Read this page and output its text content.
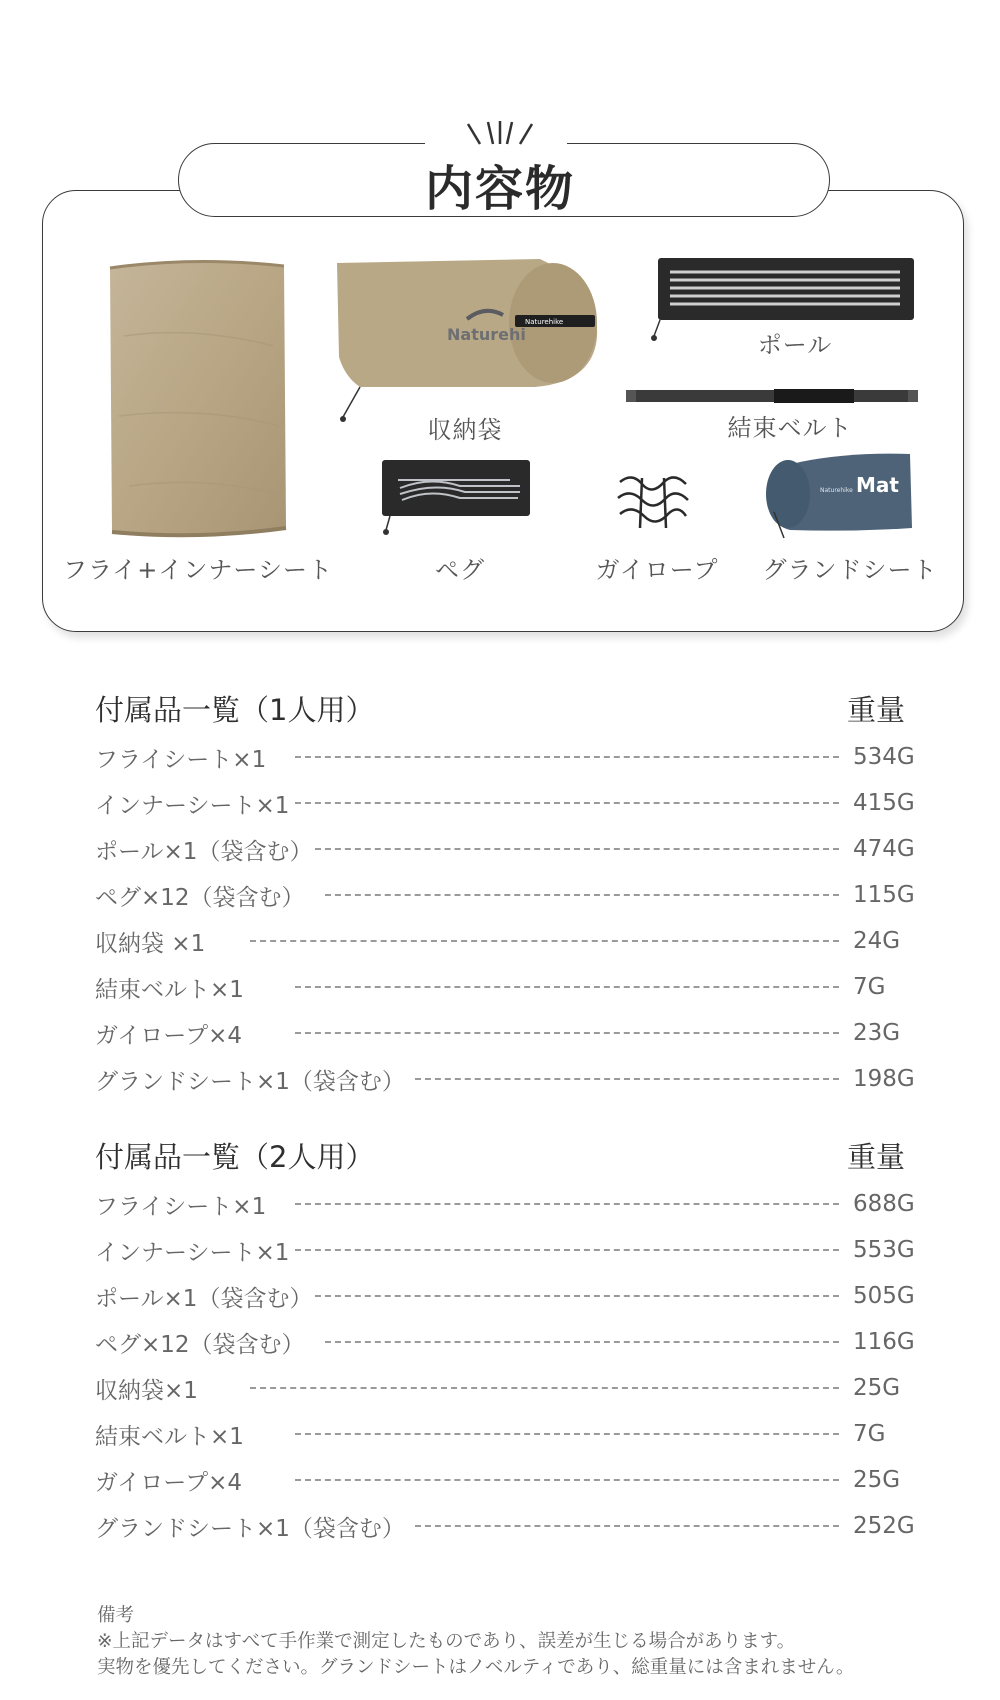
内容物
フライ+インナーシート
Naturehike
Naturehi
収納袋
ポール
結束ベルト
ペグ	ガイロープ
Mat
Naturehike
グランドシート
付属品一覧（1人用）	重量
フライシート×1	534G
インナーシート×1	415G
ポール×1（袋含む）	474G
ペグ×12（袋含む）	115G
収納袋 ×1	24G
結束ベルト×1	7G
ガイロープ×4	23G
グランドシート×1（袋含む）	198G
付属品一覧（2人用）	重量
フライシート×1	688G
インナーシート×1	553G
ポール×1（袋含む）	505G
ペグ×12（袋含む）	116G
収納袋×1	25G
結束ベルト×1	7G
ガイロープ×4	25G
グランドシート×1（袋含む）	252G
備考
※上記データはすべて手作業で測定したものであり、誤差が生じる場合があります。
実物を優先してください。グランドシートはノベルティであり、総重量には含まれません。
